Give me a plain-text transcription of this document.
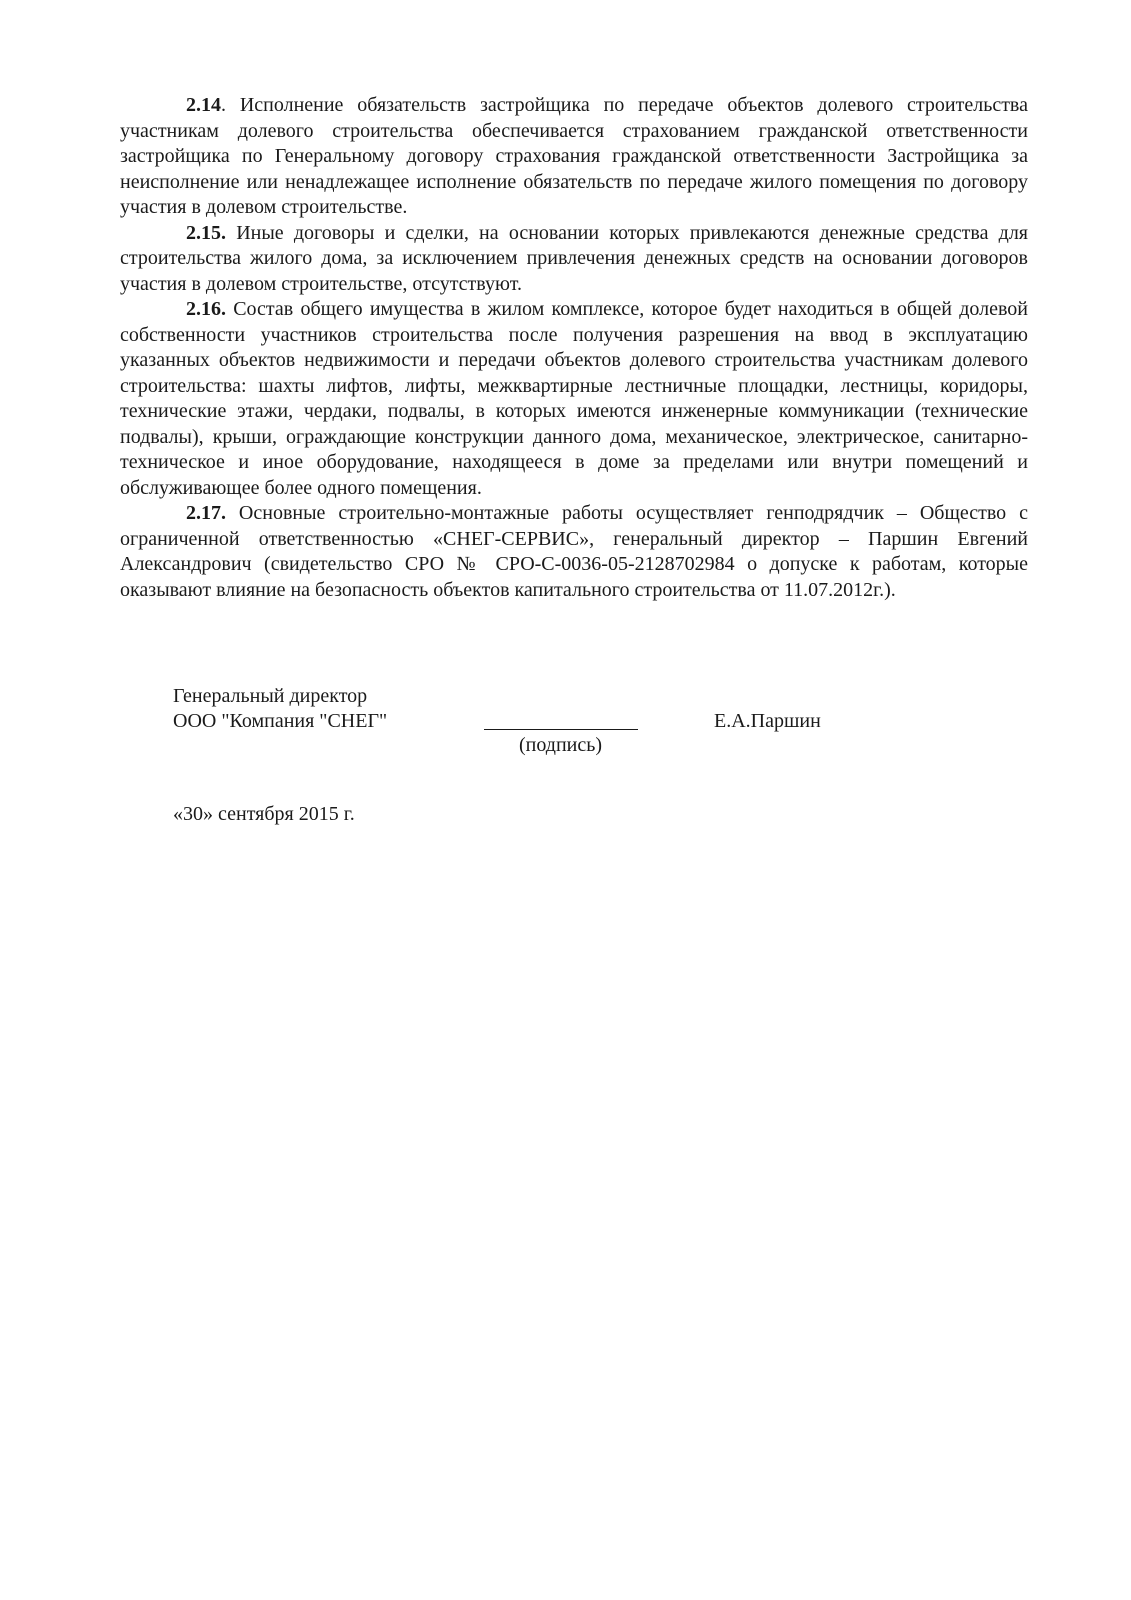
2.14. Исполнение обязательств застройщика по передаче объектов долевого строительства участникам долевого строительства обеспечивается страхованием гражданской ответственности застройщика по Генеральному договору страхования гражданской ответственности Застройщика за неисполнение или ненадлежащее исполнение обязательств по передаче жилого помещения по договору участия в долевом строительстве.

2.15. Иные договоры и сделки, на основании которых привлекаются денежные средства для строительства жилого дома, за исключением привлечения денежных средств на основании договоров участия в долевом строительстве, отсутствуют.

2.16. Состав общего имущества в жилом комплексе, которое будет находиться в общей долевой собственности участников строительства после получения разрешения на ввод в эксплуатацию указанных объектов недвижимости и передачи объектов долевого строительства участникам долевого строительства: шахты лифтов, лифты, межквартирные лестничные площадки, лестницы, коридоры, технические этажи, чердаки, подвалы, в которых имеются инженерные коммуникации (технические подвалы), крыши, ограждающие конструкции данного дома, механическое, электрическое, санитарно-техническое и иное оборудование, находящееся в доме за пределами или внутри помещений и обслуживающее более одного помещения.

2.17. Основные строительно-монтажные работы осуществляет генподрядчик – Общество с ограниченной ответственностью «СНЕГ-СЕРВИС», генеральный директор – Паршин Евгений Александрович (свидетельство СРО № СРО-С-0036-05-2128702984 о допуске к работам, которые оказывают влияние на безопасность объектов капитального строительства от 11.07.2012г.).

Генеральный директор
ООО "Компания "СНЕГ"
(подпись)
Е.А.Паршин
«30» сентября 2015 г.
